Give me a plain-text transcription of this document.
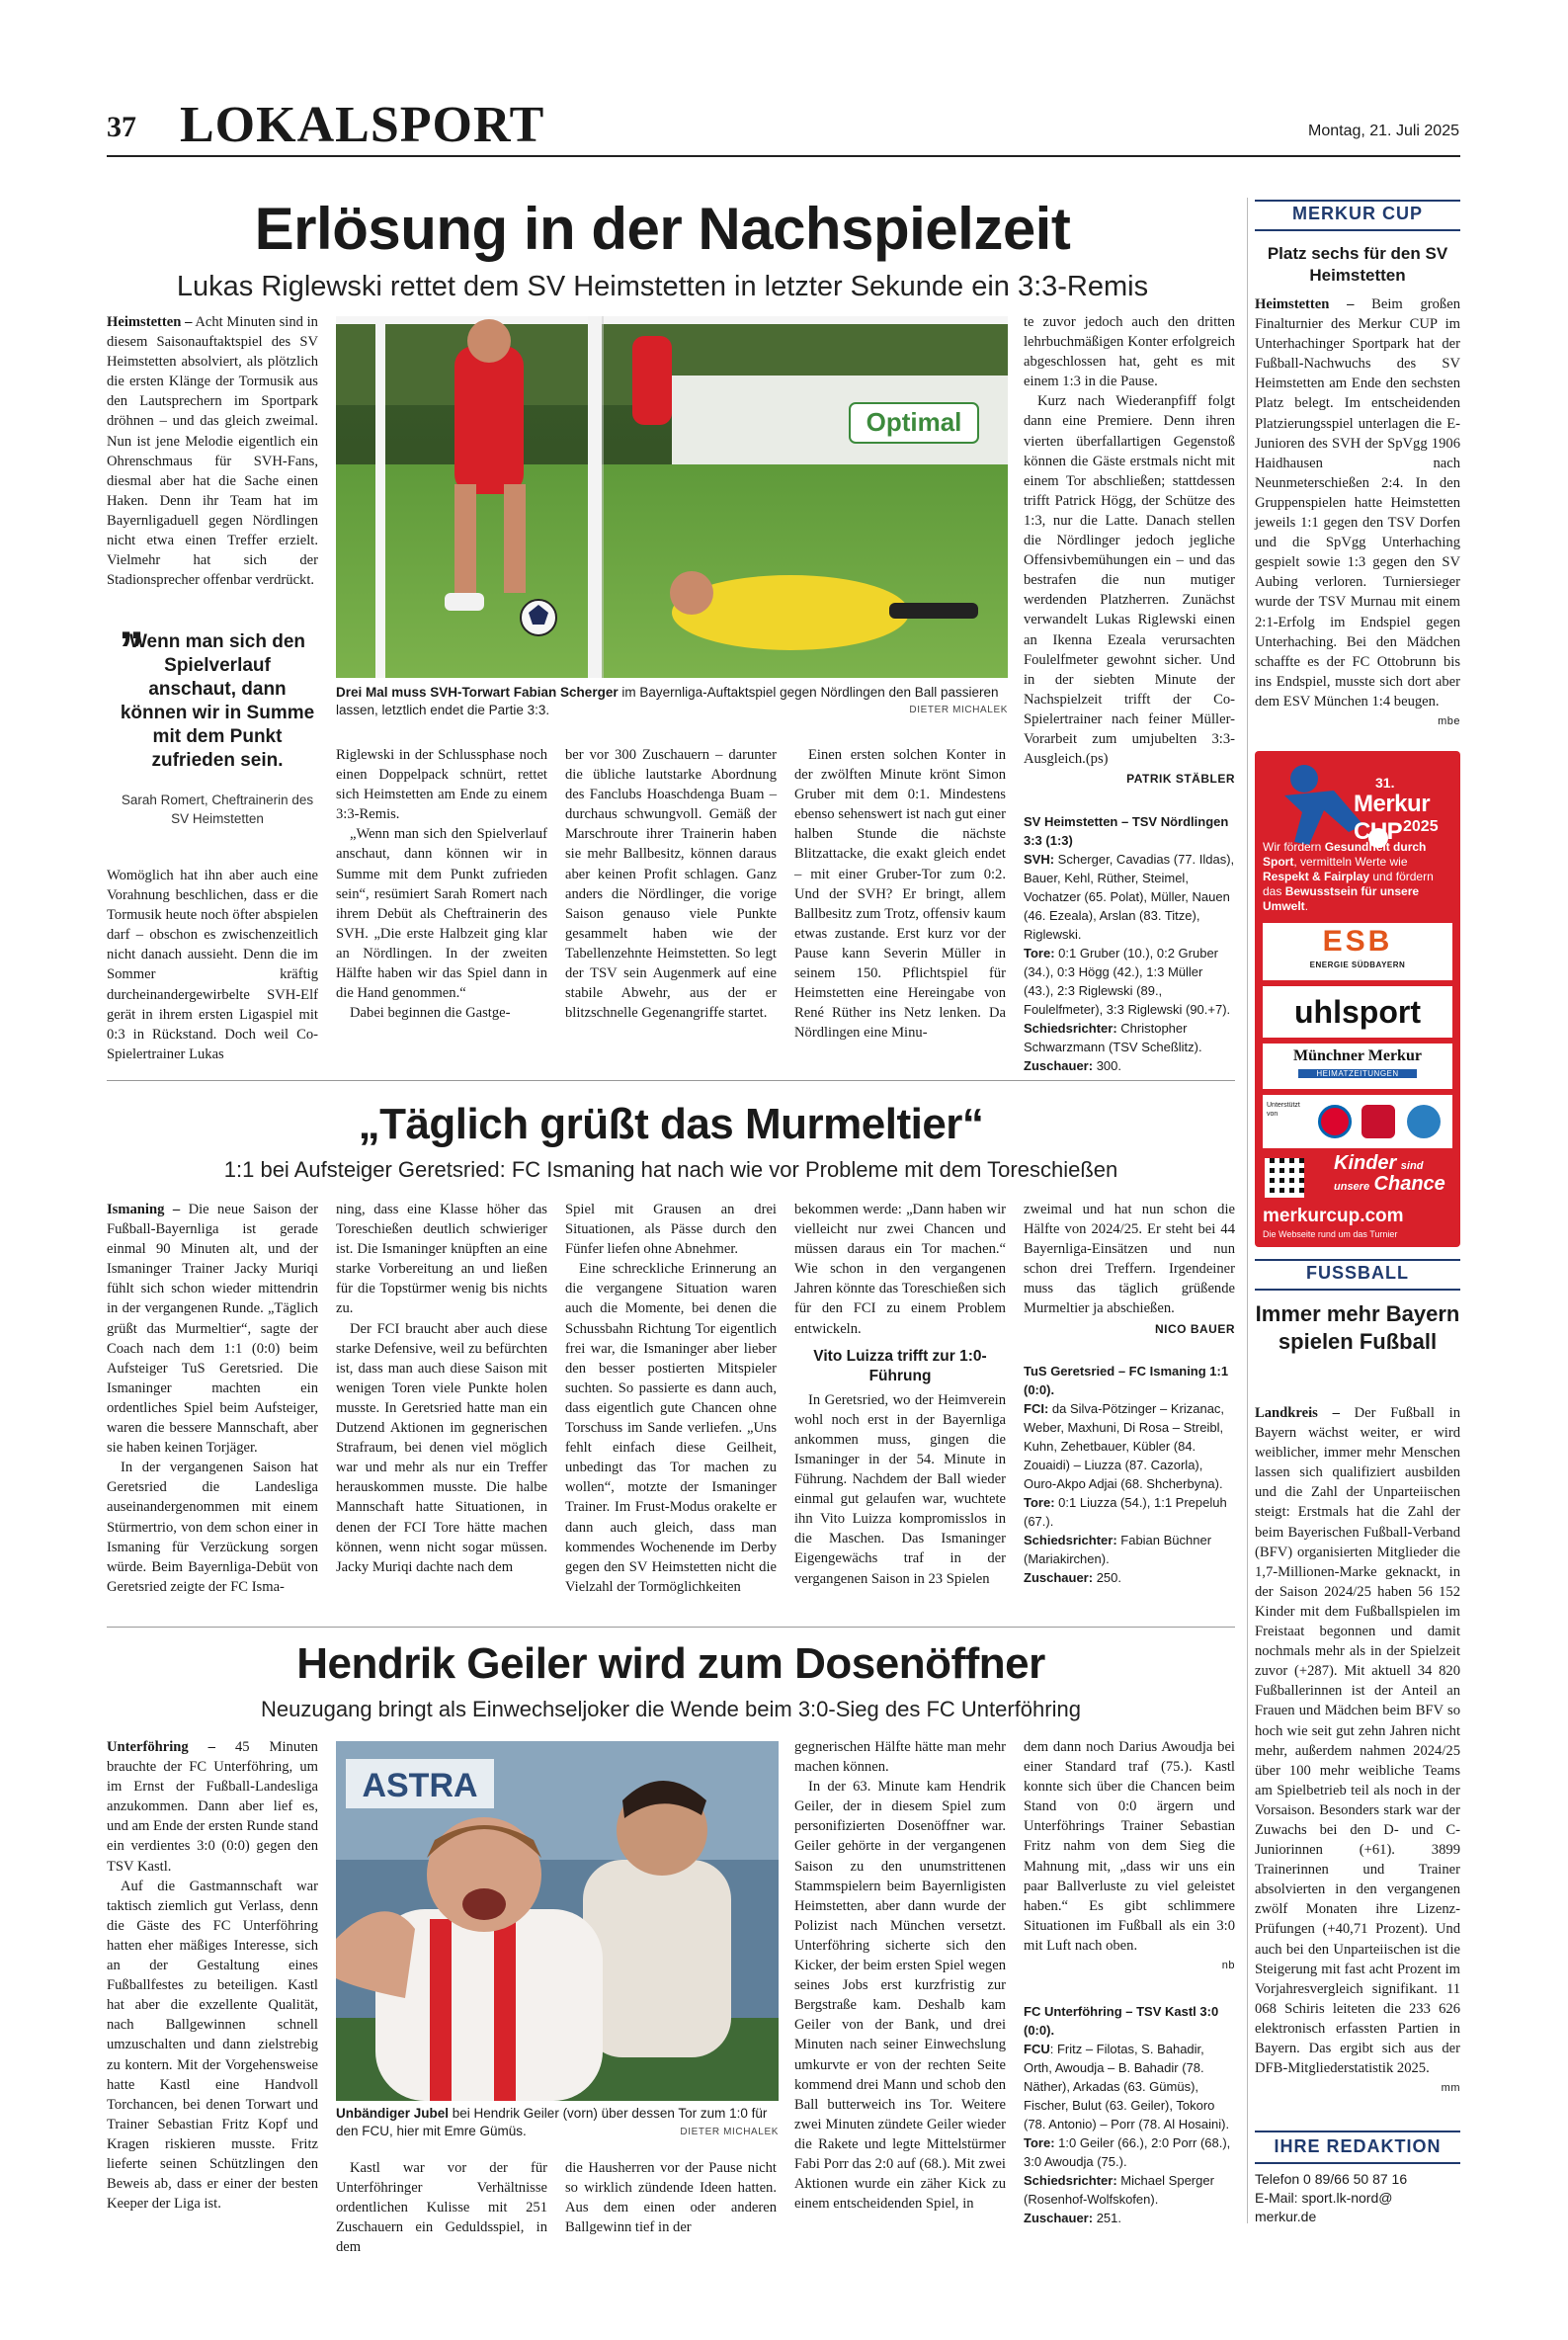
37 LOKALSPORT	Montag, 21. Juli 2025
Erlösung in der Nachspielzeit
Lukas Riglewski rettet dem SV Heimstetten in letzter Sekunde ein 3:3-Remis

Heimstetten – Acht Minuten sind in diesem Saisonauftaktspiel des SV Heimstetten absolviert, als plötzlich die ersten Klänge der Tormusik aus den Lautsprechern im Sportpark dröhnen – und das gleich zweimal. Nun ist jene Melodie eigentlich ein Ohrenschmaus für SVH-Fans, diesmal aber hat die Sache einen Haken. Denn ihr Team hat im Bayernligaduell gegen Nördlingen nicht etwa einen Treffer erzielt. Vielmehr hat sich der Stadionsprecher offenbar verdrückt.

”
Wenn man sich den Spielverlauf anschaut, dann können wir in Summe mit dem Punkt zufrieden sein.
Sarah Romert, Cheftrainerin des SV Heimstetten

Womöglich hat ihn aber auch eine Vorahnung beschlichen, dass er die Tormusik heute noch öfter abspielen darf – obschon es zwischenzeitlich nicht danach aussieht. Denn die im Sommer kräftig durcheinandergewirbelte SVH-Elf gerät in ihrem ersten Ligaspiel mit 0:3 in Rückstand. Doch weil Co-Spielertrainer Lukas

Optimal
Drei Mal muss SVH-Torwart Fabian Scherger im Bayernliga-Auftaktspiel gegen Nördlingen den Ball passieren lassen, letztlich endet die Partie 3:3.	DIETER MICHALEK

Riglewski in der Schlussphase noch einen Doppelpack schnürt, rettet sich Heimstetten am Ende zu einem 3:3-Remis.

„Wenn man sich den Spielverlauf anschaut, dann können wir in Summe mit dem Punkt zufrieden sein“, resümiert Sarah Romert nach ihrem Debüt als Cheftrainerin des SVH. „Die erste Halbzeit ging klar an Nördlingen. In der zweiten Hälfte haben wir das Spiel dann in die Hand genommen.“

Dabei beginnen die Gastge-

ber vor 300 Zuschauern – darunter die übliche lautstarke Abordnung des Fanclubs Hoaschdenga Buam – durchaus schwungvoll. Gemäß der Marschroute ihrer Trainerin haben sie mehr Ballbesitz, können daraus aber keinen Profit schlagen. Ganz anders die Nördlinger, die vorige Saison genauso viele Punkte gesammelt haben wie der Tabellenzehnte Heimstetten. So legt der TSV sein Augenmerk auf eine stabile Abwehr, aus der er blitzschnelle Gegenangriffe startet.

Einen ersten solchen Konter in der zwölften Minute krönt Simon Gruber mit dem 0:1. Mindestens ebenso sehenswert ist nach gut einer halben Stunde die nächste Blitzattacke, die exakt gleich endet – mit einer Gruber-Tor zum 0:2. Und der SVH? Er bringt, allem Ballbesitz zum Trotz, offensiv kaum etwas zustande. Erst kurz vor der Pause kann Severin Müller in seinem 150. Pflichtspiel für Heimstetten eine Hereingabe von René Rüther ins Netz lenken. Da Nördlingen eine Minu-

te zuvor jedoch auch den dritten lehrbuchmäßigen Konter erfolgreich abgeschlossen hat, geht es mit einem 1:3 in die Pause.

Kurz nach Wiederanpfiff folgt dann eine Premiere. Denn ihren vierten überfallartigen Gegenstoß können die Gäste erstmals nicht mit einem Tor abschließen; stattdessen trifft Patrick Högg, der Schütze des 1:3, nur die Latte. Danach stellen die Nördlinger jedoch jegliche Offensivbemühungen ein – und das bestrafen die nun mutiger werdenden Platzherren. Zunächst verwandelt Lukas Riglewski einen an Ikenna Ezeala verursachten Foulelfmeter gewohnt sicher. Und in der siebten Minute der Nachspielzeit trifft der Co-Spielertrainer nach feiner Müller-Vorarbeit zum umjubelten 3:3-Ausgleich.(ps)

PATRIK STÄBLER
SV Heimstetten – TSV Nördlingen 3:3 (1:3)
SVH: Scherger, Cavadias (77. Ildas), Bauer, Kehl, Rüther, Steimel, Vochatzer (65. Polat), Müller, Nauen (46. Ezeala), Arslan (83. Titze), Riglewski.
Tore: 0:1 Gruber (10.), 0:2 Gruber (34.), 0:3 Högg (42.), 1:3 Müller (43.), 2:3 Riglewski (89., Foulelfmeter), 3:3 Riglewski (90.+7).
Schiedsrichter: Christopher Schwarzmann (TSV Scheßlitz).
Zuschauer: 300.
„Täglich grüßt das Murmeltier“
1:1 bei Aufsteiger Geretsried: FC Ismaning hat nach wie vor Probleme mit dem Toreschießen

Ismaning – Die neue Saison der Fußball-Bayernliga ist gerade einmal 90 Minuten alt, und der Ismaninger Trainer Jacky Muriqi fühlt sich schon wieder mittendrin in der vergangenen Runde. „Täglich grüßt das Murmeltier“, sagte der Coach nach dem 1:1 (0:0) beim Aufsteiger TuS Geretsried. Die Ismaninger machten ein ordentliches Spiel beim Aufsteiger, waren die bessere Mannschaft, aber sie haben keinen Torjäger.

In der vergangenen Saison hat Geretsried die Landesliga auseinandergenommen mit einem Stürmertrio, von dem schon einer in Ismaning für Verzückung sorgen würde. Beim Bayernliga-Debüt von Geretsried zeigte der FC Isma-

ning, dass eine Klasse höher das Toreschießen deutlich schwieriger ist. Die Ismaninger knüpften an eine starke Vorbereitung an und ließen für die Topstürmer wenig bis nichts zu.

Der FCI braucht aber auch diese starke Defensive, weil zu befürchten ist, dass man auch diese Saison mit wenigen Toren viele Punkte holen musste. In Geretsried hatte man ein Dutzend Aktionen im gegnerischen Strafraum, bei denen viel möglich war und mehr als nur ein Treffer herauskommen musste. Die halbe Mannschaft hatte Situationen, in denen der FCI Tore hätte machen können, wenn nicht sogar müssen. Jacky Muriqi dachte nach dem

Spiel mit Grausen an drei Situationen, als Pässe durch den Fünfer liefen ohne Abnehmer.

Eine schreckliche Erinnerung an die vergangene Situation waren auch die Momente, bei denen die Schussbahn Richtung Tor eigentlich frei war, die Ismaninger aber lieber den besser postierten Mitspieler suchten. So passierte es dann auch, dass eigentlich gute Chancen ohne Torschuss im Sande verliefen. „Uns fehlt einfach diese Geilheit, unbedingt das Tor machen zu wollen“, motzte der Ismaninger Trainer. Im Frust-Modus orakelte er dann auch gleich, dass man kommendes Wochenende im Derby gegen den SV Heimstetten nicht die Vielzahl der Tormöglichkeiten

bekommen werde: „Dann haben wir vielleicht nur zwei Chancen und müssen daraus ein Tor machen.“ Wie schon in den vergangenen Jahren könnte das Toreschießen sich für den FCI zu einem Problem entwickeln.

Vito Luizza trifft zur 1:0-Führung

In Geretsried, wo der Heimverein wohl noch erst in der Bayernliga ankommen muss, gingen die Ismaninger in der 54. Minute in Führung. Nachdem der Ball wieder einmal gut gelaufen war, wuchtete ihn Vito Luizza kompromisslos in die Maschen. Das Ismaninger Eigengewächs traf in der vergangenen Saison in 23 Spielen

zweimal und hat nun schon die Hälfte von 2024/25. Er steht bei 44 Bayernliga-Einsätzen und nun schon drei Treffern. Irgendeiner muss das täglich grüßende Murmeltier ja abschießen.

NICO BAUER
TuS Geretsried – FC Ismaning 1:1 (0:0).
FCI: da Silva-Pötzinger – Krizanac, Weber, Maxhuni, Di Rosa – Streibl, Kuhn, Zehetbauer, Kübler (84. Zouaidi) – Liuzza (87. Cazorla), Ouro-Akpo Adjai (68. Shcherbyna).
Tore: 0:1 Liuzza (54.), 1:1 Prepeluh (67.).
Schiedsrichter: Fabian Büchner (Mariakirchen).
Zuschauer: 250.
Hendrik Geiler wird zum Dosenöffner
Neuzugang bringt als Einwechseljoker die Wende beim 3:0-Sieg des FC Unterföhring

Unterföhring – 45 Minuten brauchte der FC Unterföhring, um im Ernst der Fußball-Landesliga anzukommen. Dann aber lief es, und am Ende der ersten Runde stand ein verdientes 3:0 (0:0) gegen den TSV Kastl.

Auf die Gastmannschaft war taktisch ziemlich gut Verlass, denn die Gäste des FC Unterföhring hatten eher mäßiges Interesse, sich an der Gestaltung eines Fußballfestes zu beteiligen. Kastl hat aber die exzellente Qualität, nach Ballgewinnen schnell umzuschalten und dann zielstrebig zu kontern. Mit der Vorgehensweise hatte Kastl eine Handvoll Torchancen, bei denen Torwart und Trainer Sebastian Fritz Kopf und Kragen riskieren musste. Fritz lieferte seinen Schützlingen den Beweis ab, dass er einer der besten Keeper der Liga ist.

ASTRA
Unbändiger Jubel bei Hendrik Geiler (vorn) über dessen Tor zum 1:0 für den FCU, hier mit Emre Gümüs.	DIETER MICHALEK

Kastl war vor der für Unterföhringer Verhältnisse ordentlichen Kulisse mit 251 Zuschauern ein Geduldsspiel, in dem

die Hausherren vor der Pause nicht so wirklich zündende Ideen hatten. Aus dem einen oder anderen Ballgewinn tief in der

gegnerischen Hälfte hätte man mehr machen können.

In der 63. Minute kam Hendrik Geiler, der in diesem Spiel zum personifizierten Dosenöffner war. Geiler gehörte in der vergangenen Saison zu den unumstrittenen Stammspielern beim Bayernligisten Heimstetten, aber dann wurde der Polizist nach München versetzt. Unterföhring sicherte sich den Kicker, der beim ersten Spiel wegen seines Jobs erst kurzfristig zur Bergstraße kam. Deshalb kam Geiler von der Bank, und drei Minuten nach seiner Einwechslung umkurvte er von der rechten Seite kommend drei Mann und schob den Ball butterweich ins Tor. Weitere zwei Minuten zündete Geiler wieder die Rakete und legte Mittelstürmer Fabi Porr das 2:0 auf (68.). Mit zwei Aktionen wurde ein zäher Kick zu einem entscheidenden Spiel, in

dem dann noch Darius Awoudja bei einer Standard traf (75.). Kastl konnte sich über die Chancen beim Stand von 0:0 ärgern und Unterföhrings Trainer Sebastian Fritz nahm von dem Sieg die Mahnung mit, „dass wir uns ein paar Ballverluste zu viel geleistet haben.“ Es gibt schlimmere Situationen im Fußball als ein 3:0 mit Luft nach oben.

nb
FC Unterföhring – TSV Kastl 3:0 (0:0).
FCU: Fritz – Filotas, S. Bahadir, Orth, Awoudja – B. Bahadir (78. Näther), Arkadas (63. Gümüs), Fischer, Bulut (63. Geiler), Tokoro (78. Antonio) – Porr (78. Al Hosaini).
Tore: 1:0 Geiler (66.), 2:0 Porr (68.), 3:0 Awoudja (75.).
Schiedsrichter: Michael Sperger (Rosenhof-Wolfskofen).
Zuschauer: 251.
MERKUR CUP
Platz sechs für den SV Heimstetten

Heimstetten – Beim großen Finalturnier des Merkur CUP im Unterhachinger Sportpark hat der Fußball-Nachwuchs des SV Heimstetten am Ende den sechsten Platz belegt. Im entscheidenden Platzierungsspiel unterlagen die E-Junioren des SVH der SpVgg 1906 Haidhausen nach Neunmeterschießen 2:4. In den Gruppenspielen hatte Heimstetten jeweils 1:1 gegen den TSV Dorfen und die SpVgg Unterhaching gespielt sowie 1:3 gegen den SV Aubing verloren. Turniersieger wurde der TSV Murnau mit einem 2:1-Erfolg im Endspiel gegen Unterhaching. Bei den Mädchen schaffte es der FC Ottobrunn bis ins Endspiel, musste sich dort aber dem ESV München 1:4 beugen.

mbe
31.
Merkur CUP 2025
Wir fördern Gesundheit durch Sport, vermitteln Werte wie Respekt & Fairplay und fördern das Bewusstsein für unsere Umwelt.
ESB
ENERGIE SÜDBAYERN
uhlsport
Münchner Merkur
HEIMATZEITUNGEN
Unterstützt von
Kinder sind
unsere Chance
merkurcup.com
Die Webseite rund um das Turnier
FUSSBALL
Immer mehr Bayern spielen Fußball

Landkreis – Der Fußball in Bayern wächst weiter, er wird weiblicher, immer mehr Menschen lassen sich qualifiziert ausbilden und die Zahl der Unparteiischen steigt: Erstmals hat die Zahl der beim Bayerischen Fußball-Verband (BFV) organisierten Mitglieder die 1,7-Millionen-Marke geknackt, in der Saison 2024/25 haben 56 152 Kinder mit dem Fußballspielen im Freistaat begonnen und damit nochmals mehr als in der Spielzeit zuvor (+287). Mit aktuell 34 820 Fußballerinnen ist der Anteil an Frauen und Mädchen beim BFV so hoch wie seit gut zehn Jahren nicht mehr, außerdem nahmen 2024/25 über 100 mehr weibliche Teams am Spielbetrieb teil als noch in der Vorsaison. Besonders stark war der Zuwachs bei den D- und C-Juniorinnen (+61). 3899 Trainerinnen und Trainer absolvierten in den vergangenen zwölf Monaten ihre Lizenz-Prüfungen (+40,71 Prozent). Und auch bei den Unparteiischen ist die Steigerung mit fast acht Prozent im Vorjahresvergleich signifikant. 11 068 Schiris leiteten die 233 626 elektronisch erfassten Partien in Bayern. Das ergibt sich aus der DFB-Mitgliederstatistik 2025.

mm
IHRE REDAKTION
Telefon 0 89/66 50 87 16
E-Mail: sport.lk-nord@
merkur.de
